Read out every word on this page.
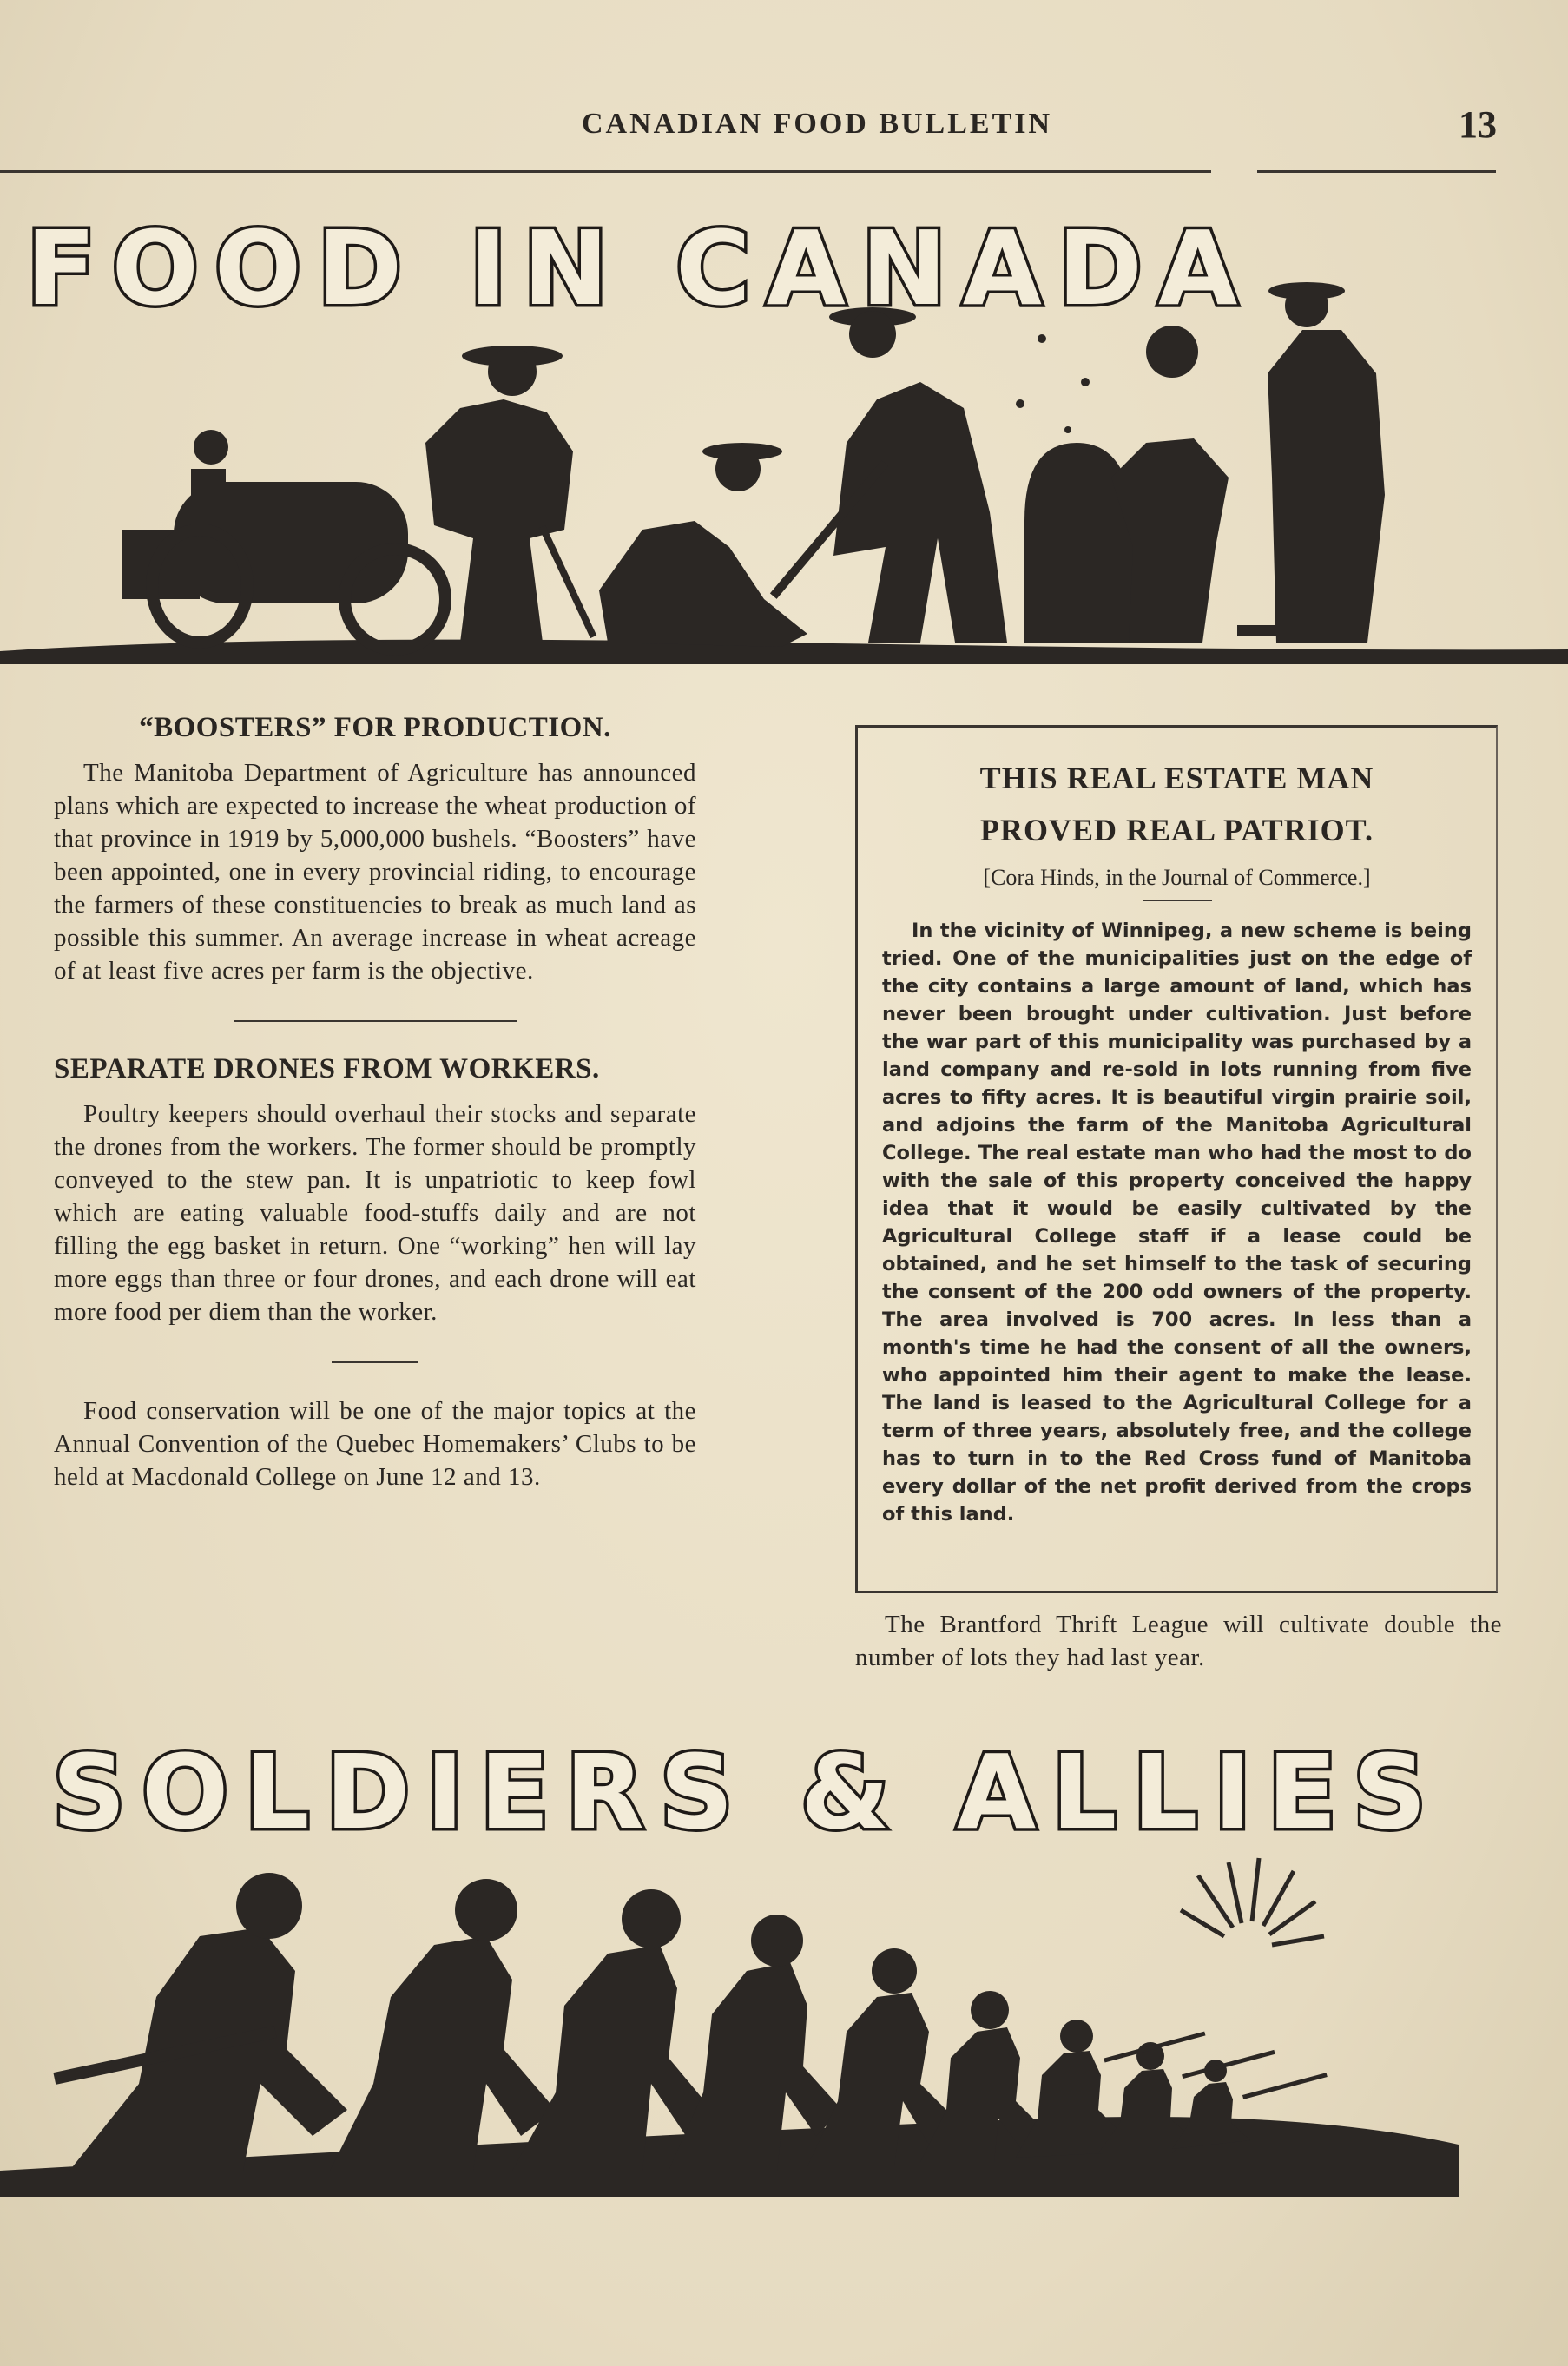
CANADIAN FOOD BULLETIN	13
FOOD IN CANADA
“BOOSTERS” FOR PRODUCTION.

The Manitoba Department of Agriculture has announced plans which are expected to increase the wheat production of that province in 1919 by 5,000,000 bushels. “Boosters” have been appointed, one in every provincial riding, to encourage the farmers of these constituencies to break as much land as possible this summer. An average increase in wheat acreage of at least five acres per farm is the objective.

SEPARATE DRONES FROM WORKERS.

Poultry keepers should overhaul their stocks and separate the drones from the workers. The former should be promptly conveyed to the stew pan. It is unpatriotic to keep fowl which are eating valuable food-stuffs daily and are not filling the egg basket in return. One “working” hen will lay more eggs than three or four drones, and each drone will eat more food per diem than the worker.

Food conservation will be one of the major topics at the Annual Convention of the Quebec Homemakers’ Clubs to be held at Macdonald College on June 12 and 13.

THIS REAL ESTATE MAN
PROVED REAL PATRIOT.
[Cora Hinds, in the Journal of Commerce.]

In the vicinity of Winnipeg, a new scheme is being tried. One of the municipalities just on the edge of the city contains a large amount of land, which has never been brought under cultivation. Just before the war part of this municipality was purchased by a land company and re-sold in lots running from five acres to fifty acres. It is beautiful virgin prairie soil, and adjoins the farm of the Manitoba Agricultural College. The real estate man who had the most to do with the sale of this property conceived the happy idea that it would be easily cultivated by the Agricultural College staff if a lease could be obtained, and he set himself to the task of securing the consent of the 200 odd owners of the property. The area involved is 700 acres. In less than a month's time he had the consent of all the owners, who appointed him their agent to make the lease. The land is leased to the Agricultural College for a term of three years, absolutely free, and the college has to turn in to the Red Cross fund of Manitoba every dollar of the net profit derived from the crops of this land.

The Brantford Thrift League will cultivate double the number of lots they had last year.

SOLDIERS & ALLIES
